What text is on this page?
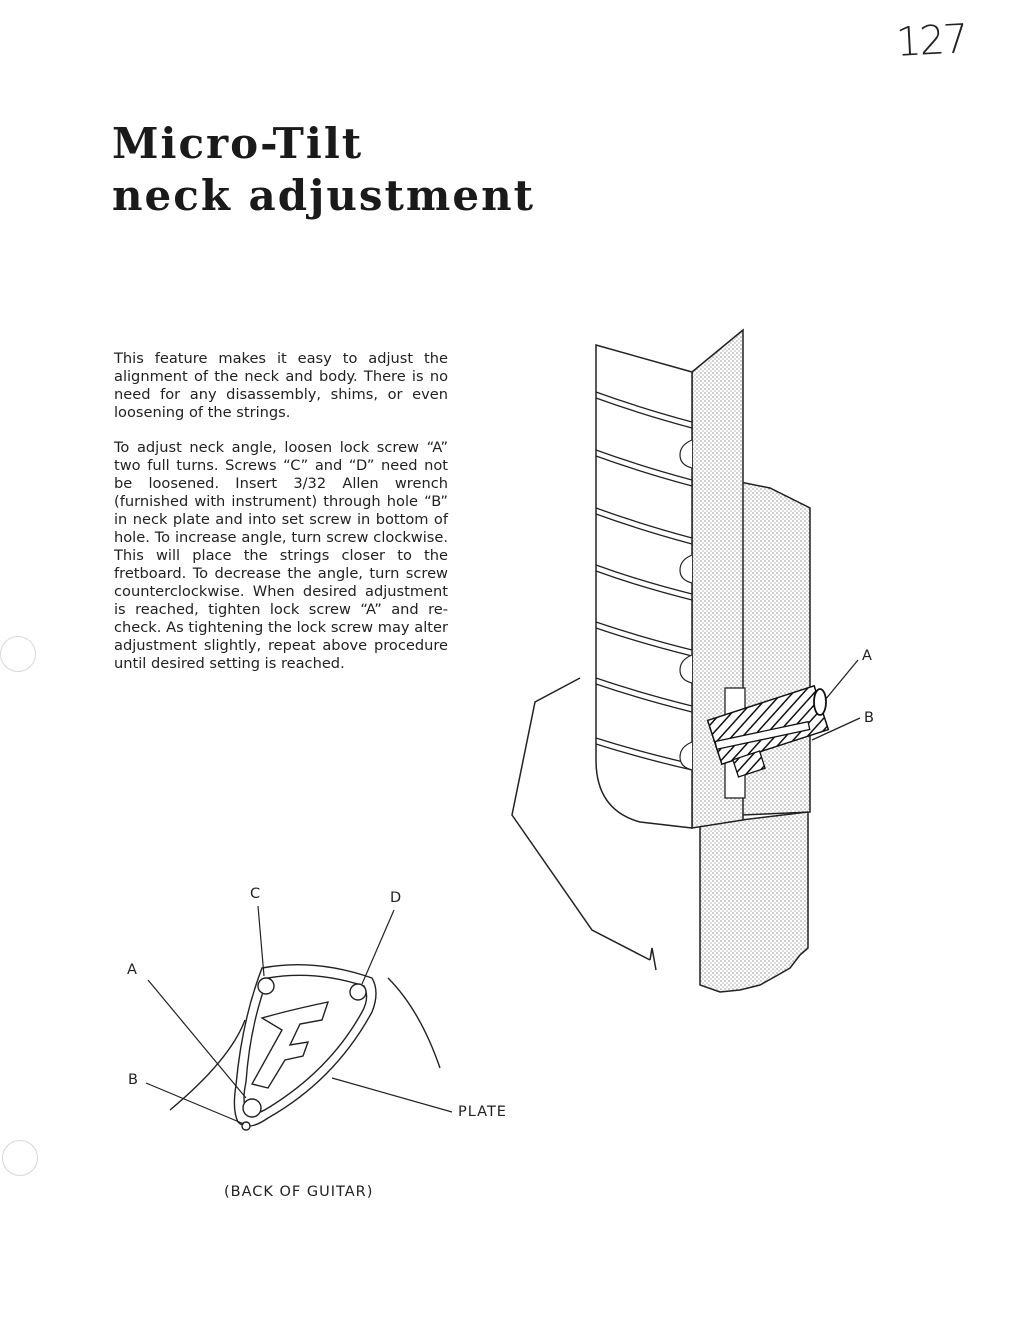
127
Micro-Tilt
neck adjustment

This feature makes it easy to adjust the alignment of the neck and body. There is no need for any disassembly, shims, or even loosening of the strings.

To adjust neck angle, loosen lock screw “A” two full turns. Screws “C” and “D” need not be loosened. Insert 3/32 Allen wrench (furnished with instrument) through hole “B” in neck plate and into set screw in bottom of hole. To increase angle, turn screw clockwise. This will place the strings closer to the fretboard. To decrease the angle, turn screw counterclockwise. When desired adjustment is reached, tighten lock screw “A” and re-check. As tightening the lock screw may alter adjustment slightly, repeat above procedure until desired setting is reached.	A
B
C	D
A
B
PLATE
(BACK OF GUITAR)
